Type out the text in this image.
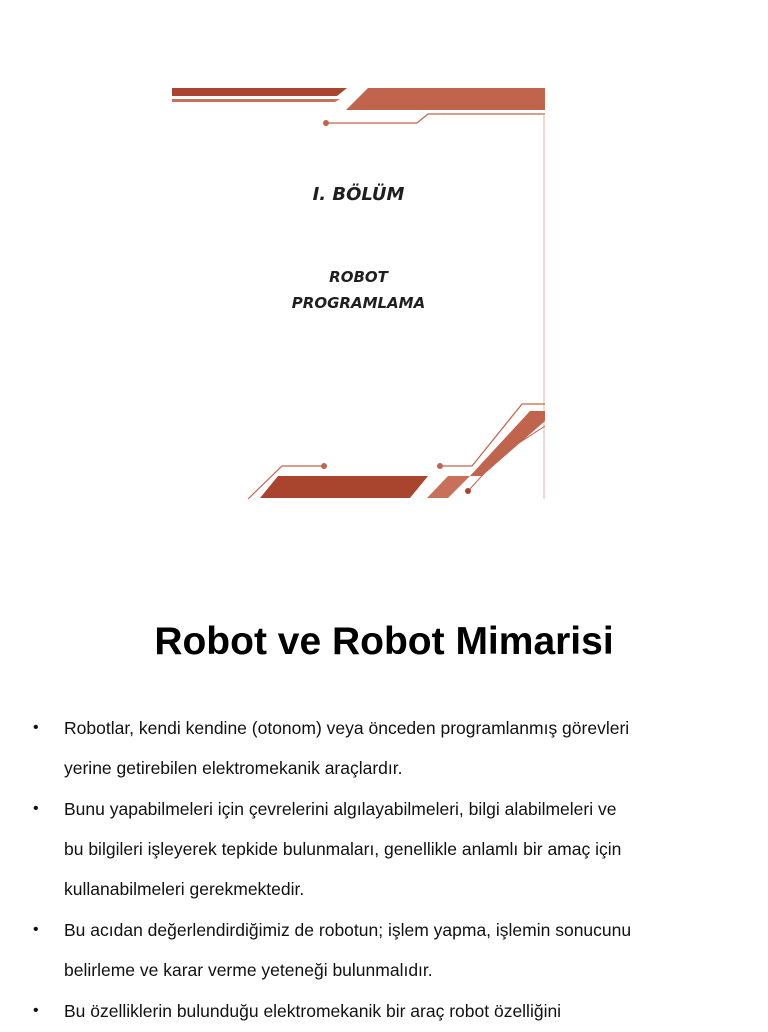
I. BÖLÜM
ROBOT
PROGRAMLAMA
Robot ve Robot Mimarisi
• Robotlar, kendi kendine (otonom) veya önceden programlanmış görevleri
yerine getirebilen elektromekanik araçlardır.
• Bunu yapabilmeleri için çevrelerini algılayabilmeleri, bilgi alabilmeleri ve
bu bilgileri işleyerek tepkide bulunmaları, genellikle anlamlı bir amaç için
kullanabilmeleri gerekmektedir.
• Bu acıdan değerlendirdiğimiz de robotun; işlem yapma, işlemin sonucunu
belirleme ve karar verme yeteneği bulunmalıdır.
• Bu özelliklerin bulunduğu elektromekanik bir araç robot özelliğini
